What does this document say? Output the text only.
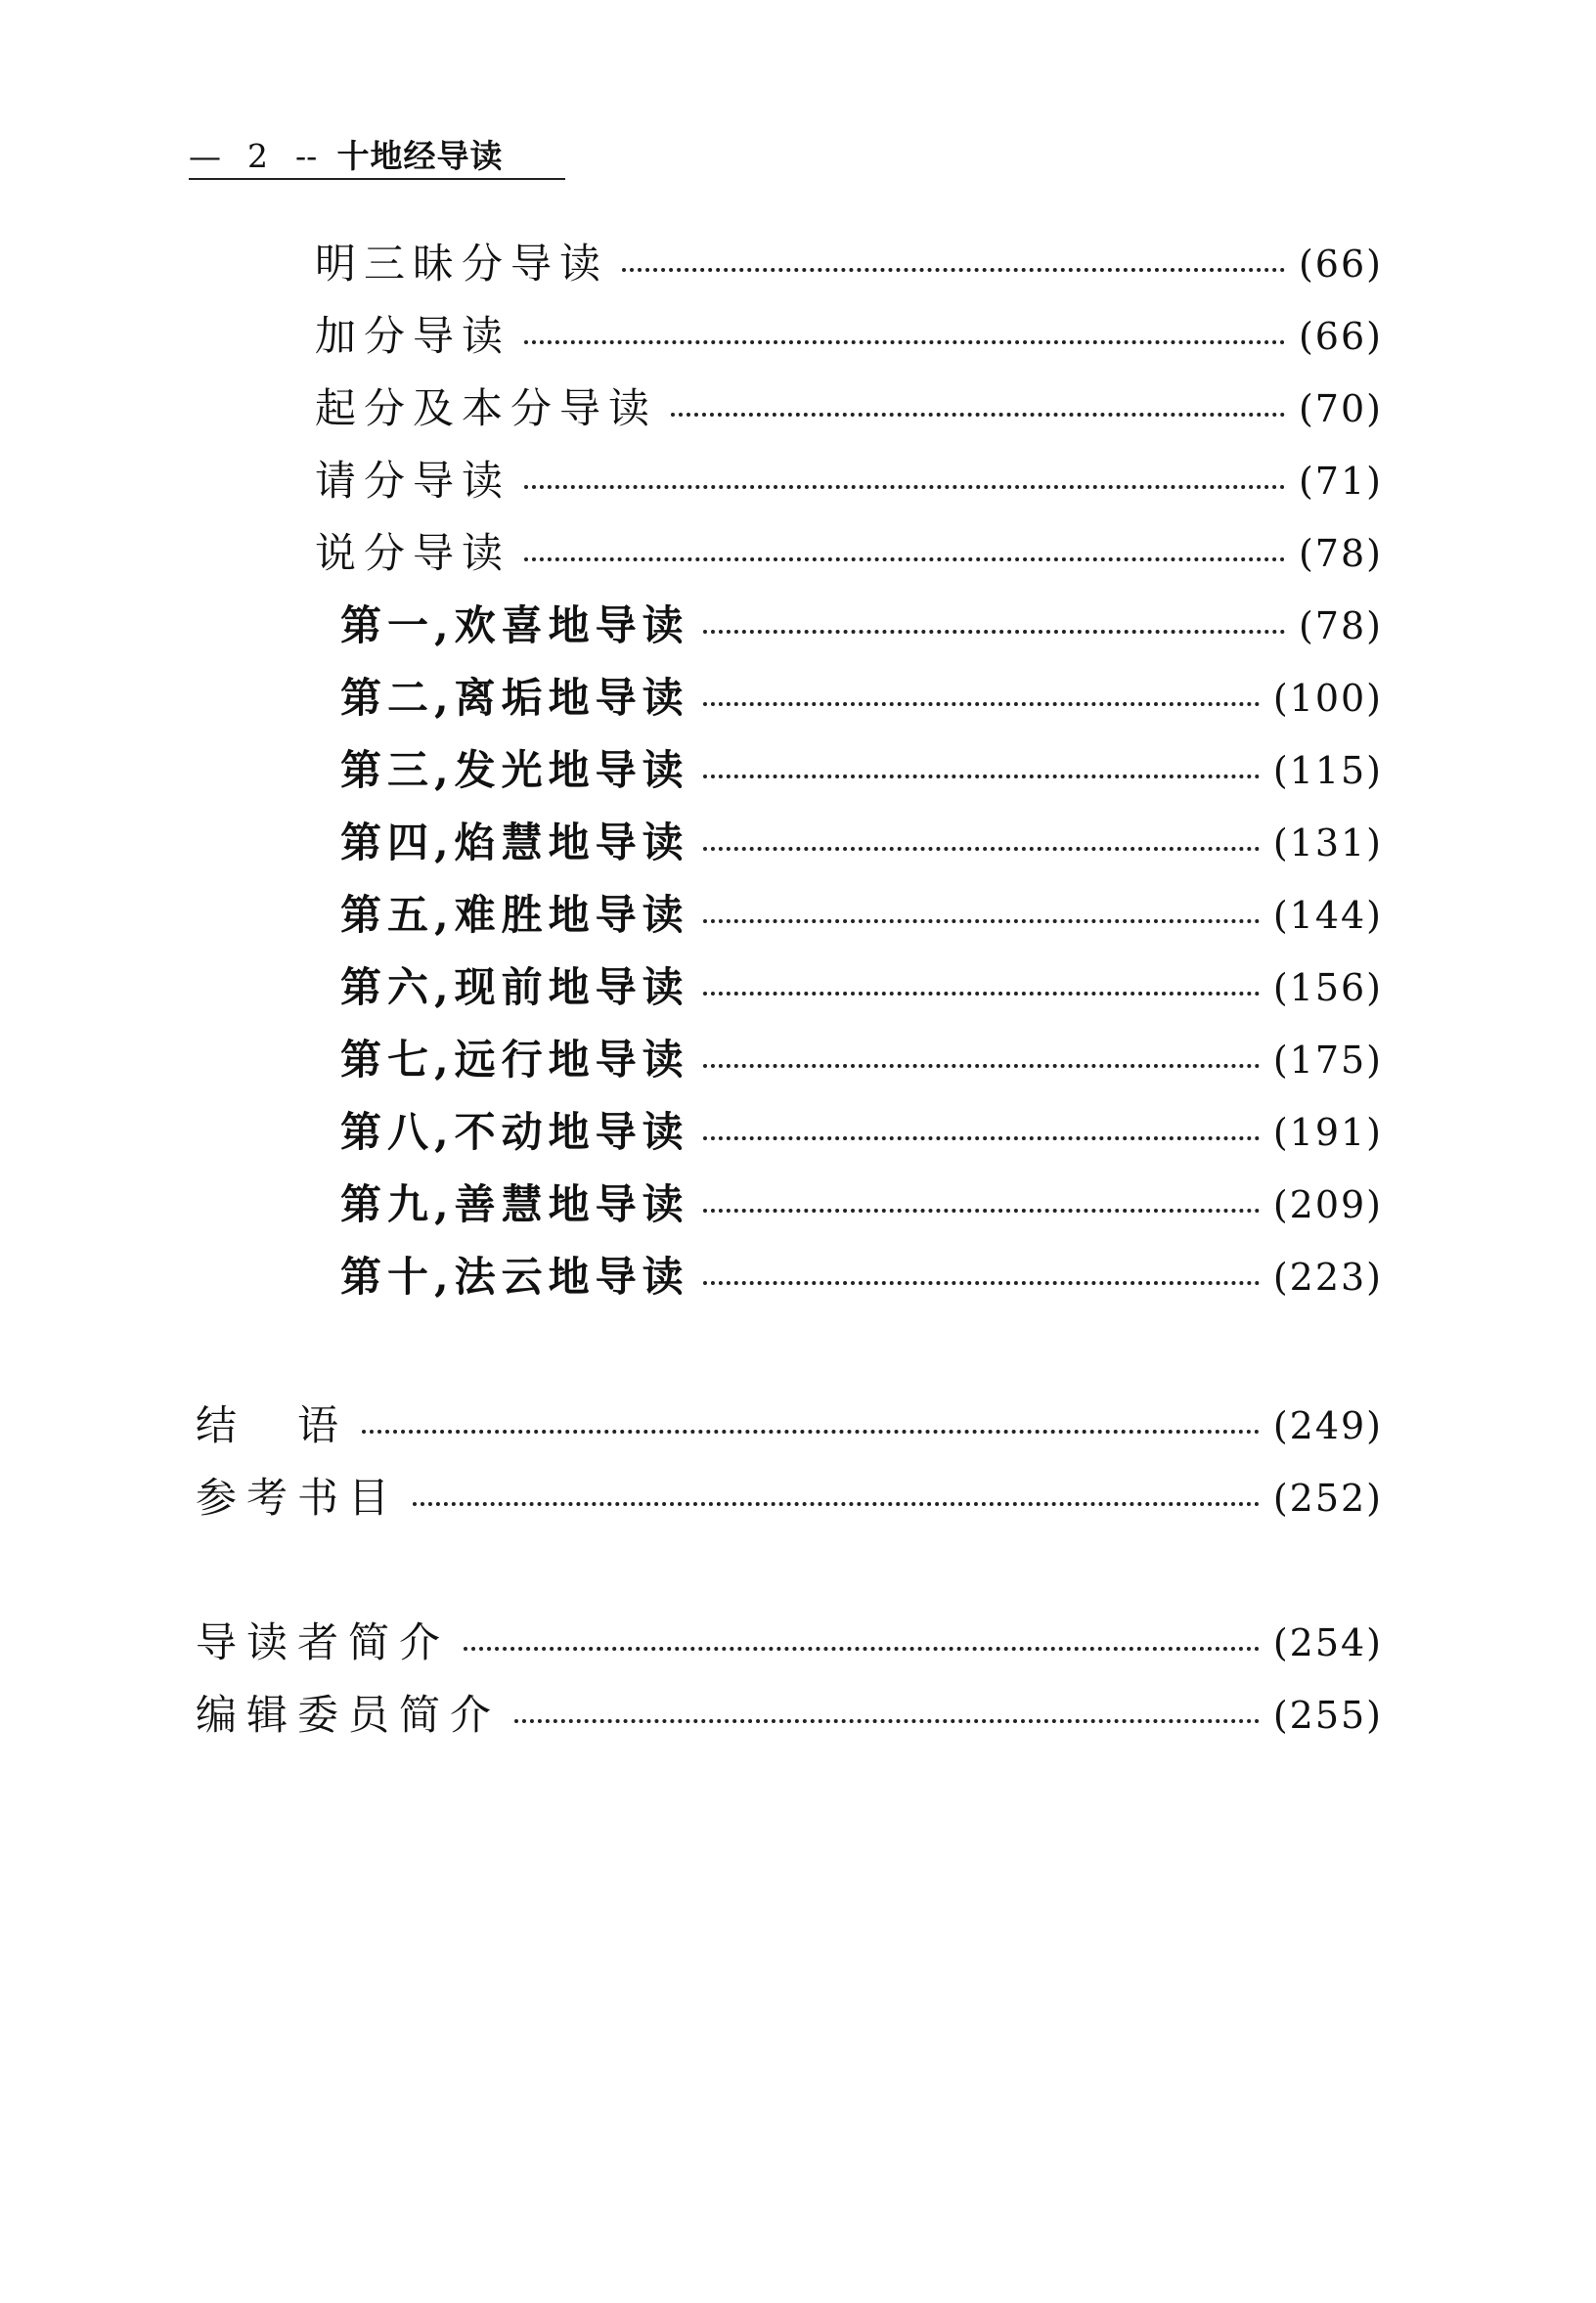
— 2 -- 十地经导读
明三昧分导读	(66)
加分导读	(66)
起分及本分导读	(70)
请分导读	(71)
说分导读	(78)
第一,欢喜地导读	(78)
第二,离垢地导读	(100)
第三,发光地导读	(115)
第四,焰慧地导读	(131)
第五,难胜地导读	(144)
第六,现前地导读	(156)
第七,远行地导读	(175)
第八,不动地导读	(191)
第九,善慧地导读	(209)
第十,法云地导读	(223)
结　语	(249)
参考书目	(252)
导读者简介	(254)
编辑委员简介	(255)
